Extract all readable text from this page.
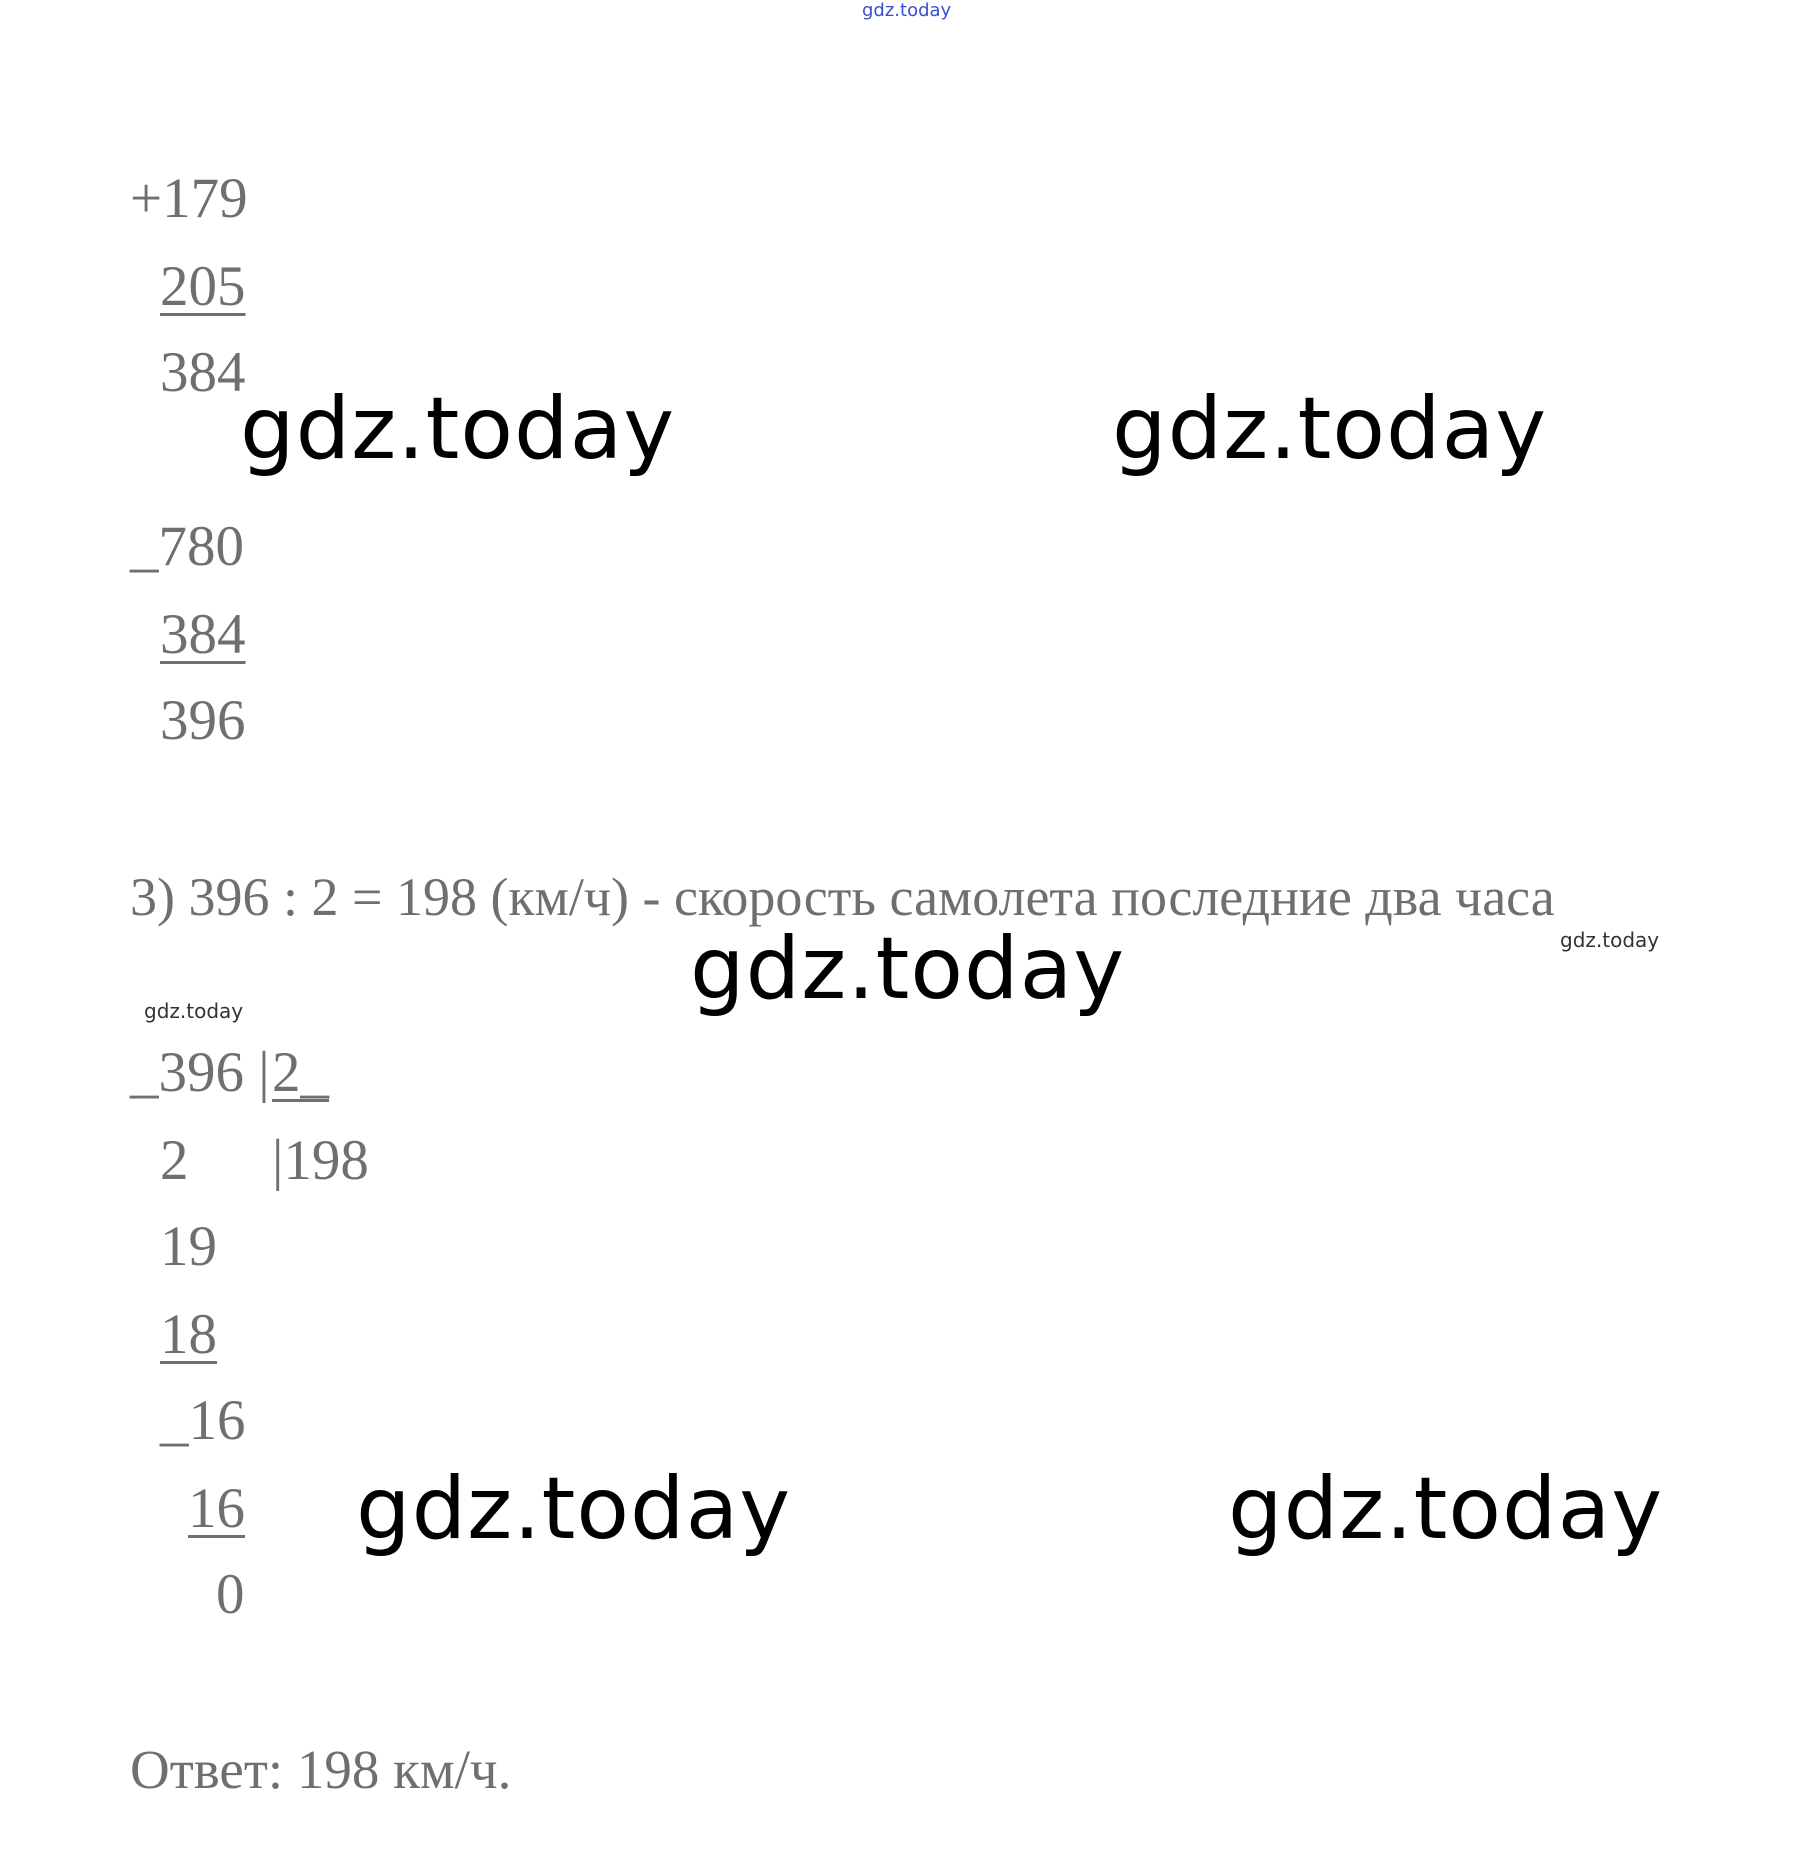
gdz.today
+179
205
384
gdz.today	gdz.today
_780
384
396
3) 396 : 2 = 198 (км/ч) - скорость самолета последние два часа
gdz.today
gdz.today
gdz.today
_396 | 2_
2 |198
19
18
_16
16
0
gdz.today	gdz.today
Ответ: 198 км/ч.
